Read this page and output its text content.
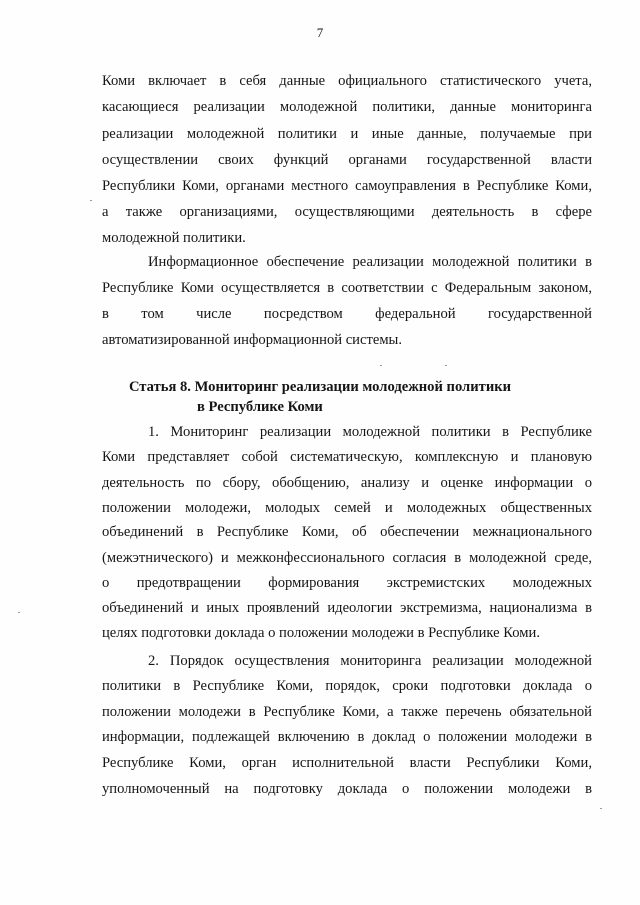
7
Коми включает в себя данные официального статистического учета,
касающиеся реализации молодежной политики, данные мониторинга
реализации молодежной политики и иные данные, получаемые при
осуществлении своих функций органами государственной власти
Республики Коми, органами местного самоуправления в Республике Коми,
а также организациями, осуществляющими деятельность в сфере
молодежной политики.
Информационное обеспечение реализации молодежной политики в
Республике Коми осуществляется в соответствии с Федеральным законом,
в том числе посредством федеральной государственной
автоматизированной информационной системы.
Статья 8. Мониторинг реализации молодежной политики
в Республике Коми
1. Мониторинг реализации молодежной политики в Республике
Коми представляет собой систематическую, комплексную и плановую
деятельность по сбору, обобщению, анализу и оценке информации о
положении молодежи, молодых семей и молодежных общественных
объединений в Республике Коми, об обеспечении межнационального
(межэтнического) и межконфессионального согласия в молодежной среде,
о предотвращении формирования экстремистских молодежных
объединений и иных проявлений идеологии экстремизма, национализма в
целях подготовки доклада о положении молодежи в Республике Коми.
2. Порядок осуществления мониторинга реализации молодежной
политики в Республике Коми, порядок, сроки подготовки доклада о
положении молодежи в Республике Коми, а также перечень обязательной
информации, подлежащей включению в доклад о положении молодежи в
Республике Коми, орган исполнительной власти Республики Коми,
уполномоченный на подготовку доклада о положении молодежи в
